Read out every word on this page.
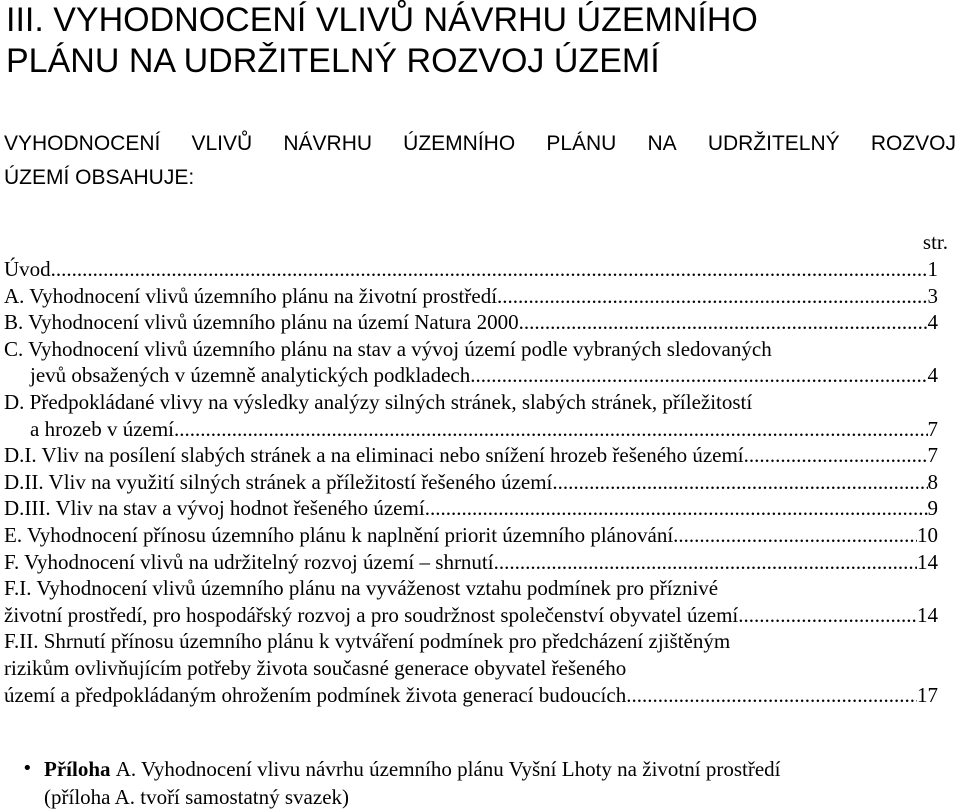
III. VYHODNOCENÍ VLIVŮ NÁVRHU ÚZEMNÍHO
PLÁNU NA UDRŽITELNÝ ROZVOJ ÚZEMÍ
VYHODNOCENÍ VLIVŮ NÁVRHU ÚZEMNÍHO PLÁNU NA UDRŽITELNÝ ROZVOJ
ÚZEMÍ OBSAHUJE:
str.
Úvod .....	1
A. Vyhodnocení vlivů územního plánu na životní prostředí .....	3
B. Vyhodnocení vlivů územního plánu na území Natura 2000 .....	4
C. Vyhodnocení vlivů územního plánu na stav a vývoj území podle vybraných sledovaných
jevů obsažených v územně analytických podkladech .....	4
D. Předpokládané vlivy na výsledky analýzy silných stránek, slabých stránek, příležitostí
a hrozeb v území .....	7
D.I. Vliv na posílení slabých stránek a na eliminaci nebo snížení hrozeb řešeného území .....	7
D.II. Vliv na využití silných stránek a příležitostí řešeného území .....	8
D.III. Vliv na stav a vývoj hodnot řešeného území .....	9
E. Vyhodnocení přínosu územního plánu k naplnění priorit územního plánování .....	10
F. Vyhodnocení vlivů na udržitelný rozvoj území – shrnutí .....	14
F.I. Vyhodnocení vlivů územního plánu na vyváženost vztahu podmínek pro příznivé
životní prostředí, pro hospodářský rozvoj a pro soudržnost společenství obyvatel území .....	14
F.II. Shrnutí přínosu územního plánu k vytváření podmínek pro předcházení zjištěným
rizikům ovlivňujícím potřeby života současné generace obyvatel řešeného
území a předpokládaným ohrožením podmínek života generací budoucích .....	17
• Příloha
A. Vyhodnocení vlivu návrhu územního plánu Vyšní Lhoty na životní prostředí
(příloha A. tvoří samostatný svazek)
